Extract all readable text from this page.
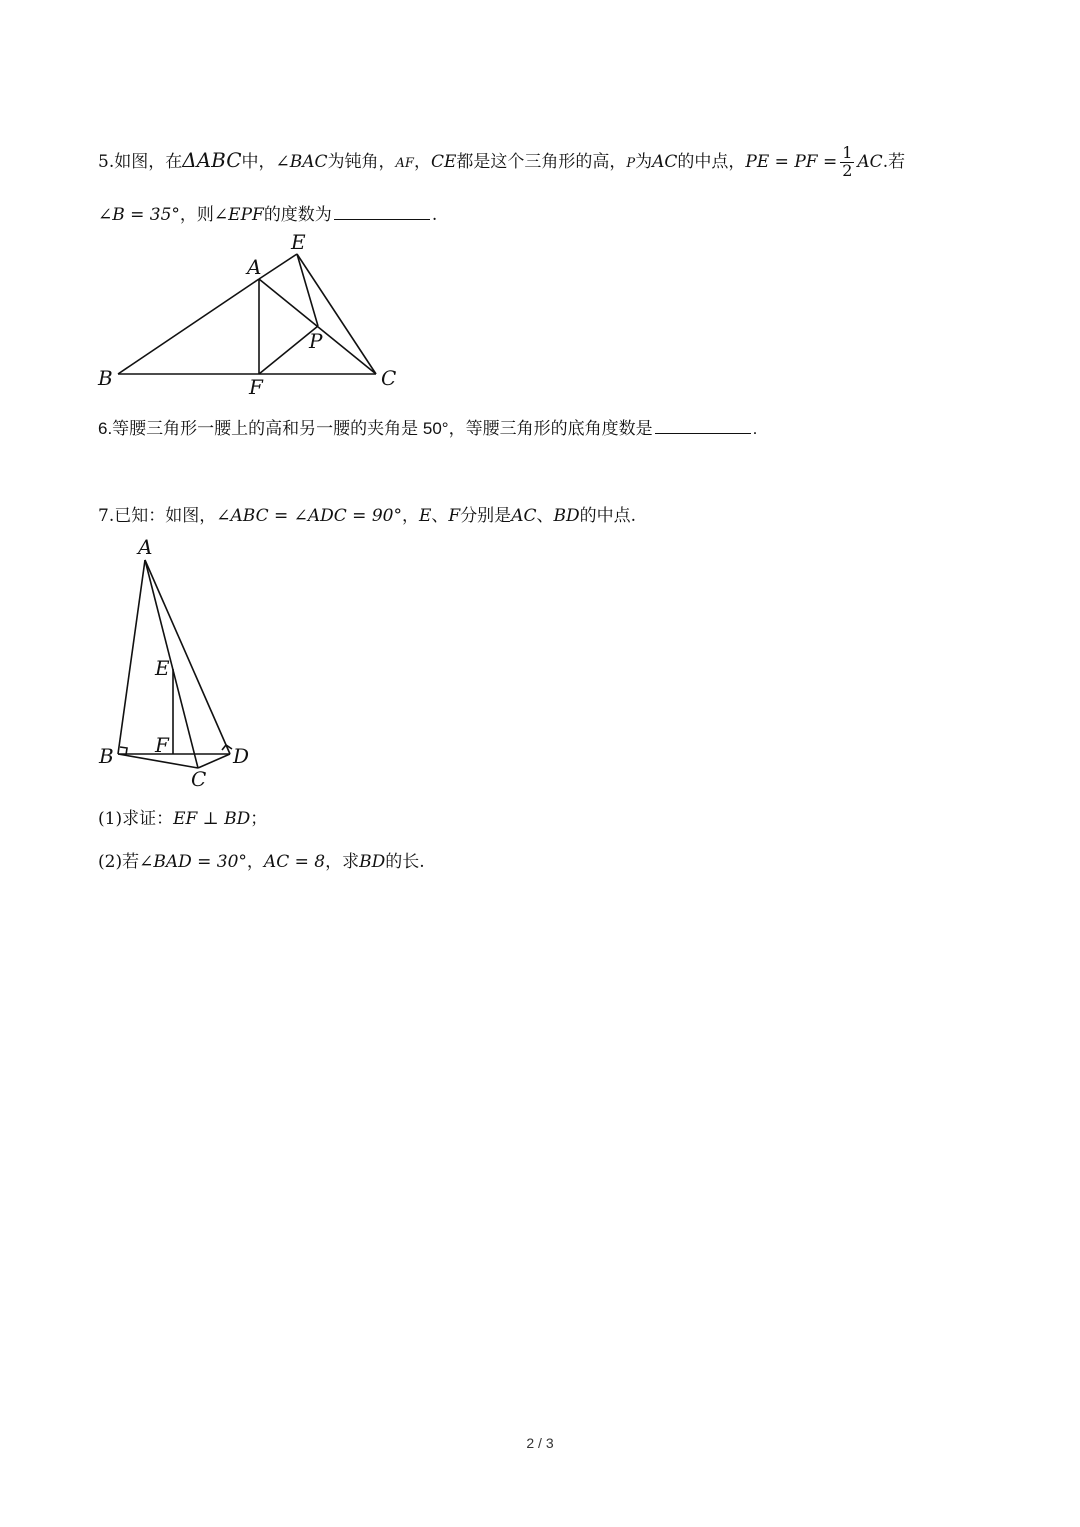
5.如图，在ΔABC中，∠BAC为钝角，AF，CE都是这个三角形的高，P为AC的中点，PE = PF = $\frac{1}{2}$ AC.若
∠B = 35°，则∠EPF的度数为	.
A
B	C
E
F
P
A
B
C
D
E
F
6.等腰三角形一腰上的高和另一腰的夹角是 50°，等腰三角形的底角度数是	.
7.已知：如图，∠ABC = ∠ADC = 90°，E、F分别是AC、BD的中点.
(1)求证：EF ⊥ BD；
(2)若∠BAD = 30°，AC = 8，求BD的长.
2 / 3
